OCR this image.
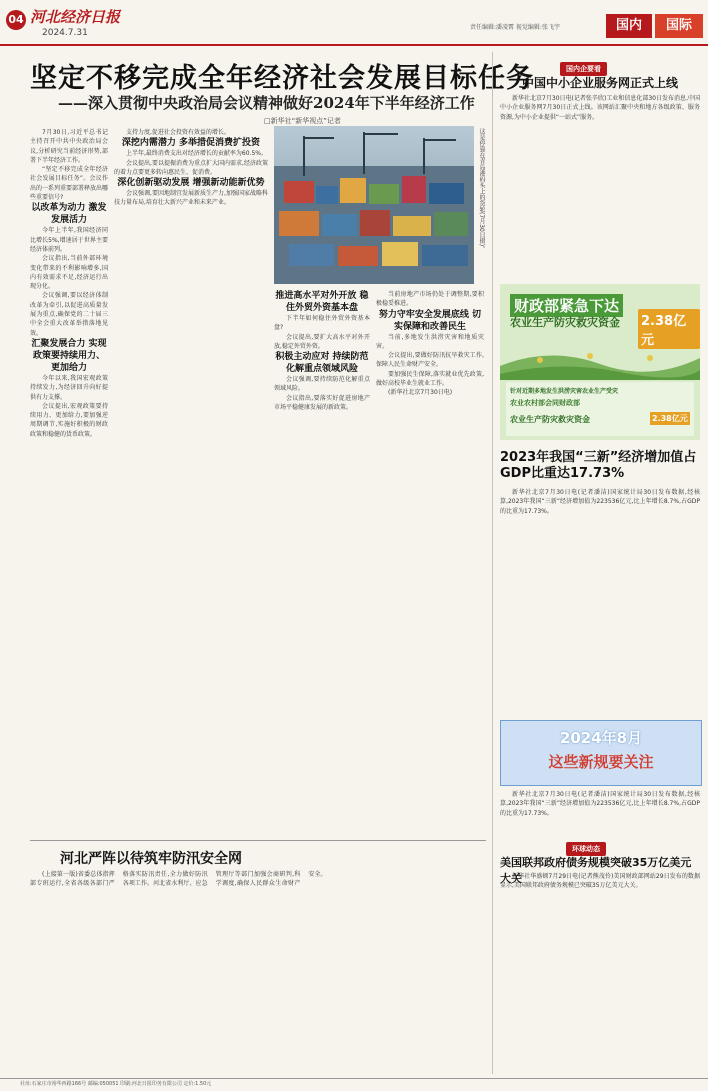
04 河北经济日报
2024.7.31
责任编辑:潘凌霄 视觉编辑:张飞宇	国内	国际
坚定不移完成全年经济社会发展目标任务
——深入贯彻中央政治局会议精神做好2024年下半年经济工作
□新华社“新华视点”记者
这是停靠在青岛港码头上的货轮(7月30日摄)。

7月30日,习近平总书记主持召开中共中央政治局会议,分析研究当前经济形势,部署下半年经济工作。

“坚定不移完成全年经济社会发展目标任务”。会议作出的一系列重要部署释放出哪些重要信号?

以改革为动力 激发发展活力

今年上半年,我国经济同比增长5%,增速居于世界主要经济体前列。

会议指出,当前外部环境变化带来的不利影响增多,国内有效需求不足,经济运行出现分化。

会议强调,要以经济体制改革为牵引,以促进高质量发展为重点,确保党的二十届三中全会重大改革举措落地见效。

汇聚发展合力 实现政策要持续用力、更加给力

今年以来,我国宏观政策持续发力,为经济回升向好提供有力支撑。

会议提出,宏观政策要持续用力、更加给力,要加强逆周期调节,实施好积极的财政政策和稳健的货币政策。

支持力度,促进社会投资有效益的增长。

深挖内需潜力 多举措促消费扩投资

上半年,最终消费支出对经济增长的贡献率为60.5%。

会议提出,要以提振消费为重点扩大国内需求,经济政策的着力点要更多转向惠民生、促消费。

深化创新驱动发展 增强新动能新优势

会议强调,要因地制宜发展新质生产力,加强国家战略科技力量布局,培育壮大新兴产业和未来产业。

推进高水平对外开放 稳住外贸外资基本盘

下半年如何稳住外贸外资基本盘?

会议提出,要扩大高水平对外开放,稳定外贸外资。

积极主动应对 持续防范化解重点领域风险

会议强调,要持续防范化解重点领域风险。

会议指出,要落实好促进房地产市场平稳健康发展的新政策。

当前房地产市场仍处于调整期,要积极稳妥推进。

努力守牢安全发展底线 切实保障和改善民生

当前,多地发生洪涝灾害和地质灾害。

会议提出,要做好防汛抗旱救灾工作,保障人民生命财产安全。

要加强民生保障,落实就业优先政策,做好高校毕业生就业工作。

(新华社北京7月30日电)

国内企要看
中国中小企业服务网正式上线

新华社北京7月30日电(记者张辛欣)工业和信息化部30日发布消息,中国中小企业服务网7月30日正式上线。该网站汇聚中央和地方各级政策、服务资源,为中小企业提供“一站式”服务。

财政部紧急下达
农业生产防灾救灾资金 2.38亿元
针对近期多地发生洪涝灾害农业生产受灾
农业农村部会同财政部
农业生产防灾救灾资金	2.38亿元
2023年我国“三新”经济增加值占GDP比重达17.73%

新华社北京7月30日电(记者潘洁)国家统计局30日发布数据,经核算,2023年我国“三新”经济增加值为223536亿元,比上年增长8.7%,占GDP的比重为17.73%。

2024年8月
这些新规要关注

新华社北京7月30日电(记者潘洁)国家统计局30日发布数据,经核算,2023年我国“三新”经济增加值为223536亿元,比上年增长8.7%,占GDP的比重为17.73%。

环球动态
美国联邦政府债务规模突破35万亿美元大关

新华社华盛顿7月29日电(记者熊茂伶)美国财政部网站29日发布的数据显示,美国联邦政府债务规模已突破35万亿美元大关。

河北严阵以待筑牢防汛安全网

(上接第一版)省委总体指挥部专班运行,全省各级各部门严格落实防汛责任,全力做好防汛各项工作。河北省水利厅、应急管理厅等部门加强会商研判,科学调度,确保人民群众生命财产安全。

社址:石家庄市裕华西路166号 邮编:050051 印刷:河北日报印务有限公司 定价:1.50元
